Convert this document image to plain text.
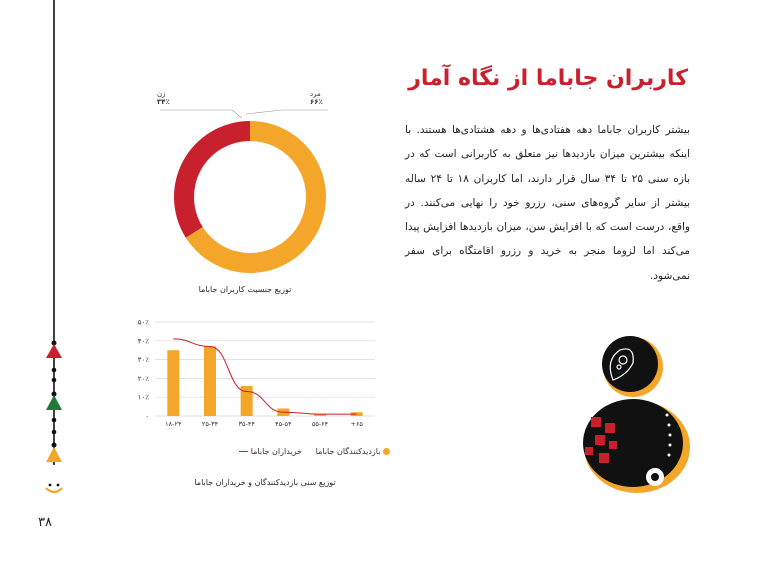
۳۸
کاربران جاباما از نگاه آمار
بیشتر کاربران جاباما دهه هفتادی‌ها و دهه هشتادی‌ها هستند. با اینکه بیشترین میزان بازدیدها نیز متعلق به کاربرانی است که در بازه سنی ۲۵ تا ۳۴ سال قرار دارند، اما کاربران ۱۸ تا ۲۴ ساله بیشتر از سایر گروه‌های سنی، رزرو خود را نهایی می‌کنند. در واقع، درست است که با افزایش سن، میزان بازدیدها افزایش پیدا می‌کند اما لزوما منجر به خرید و رزرو اقامتگاه برای سفر نمی‌شود.
مرد
۶۶٪
زن
۳۴٪
توزیع جنسیت کاربران جاباما
۰
۱۰٪
۲۰٪
۳۰٪
۴۰٪
۵۰٪
۱۸-۲۴	۲۵-۳۴	۳۵-۴۴	۴۵-۵۴	۵۵-۶۴	+۶۵
بازدیدکنندگان جاباما
خریداران جاباما
توزیع سنی بازدیدکنندگان و خریداران جاباما
